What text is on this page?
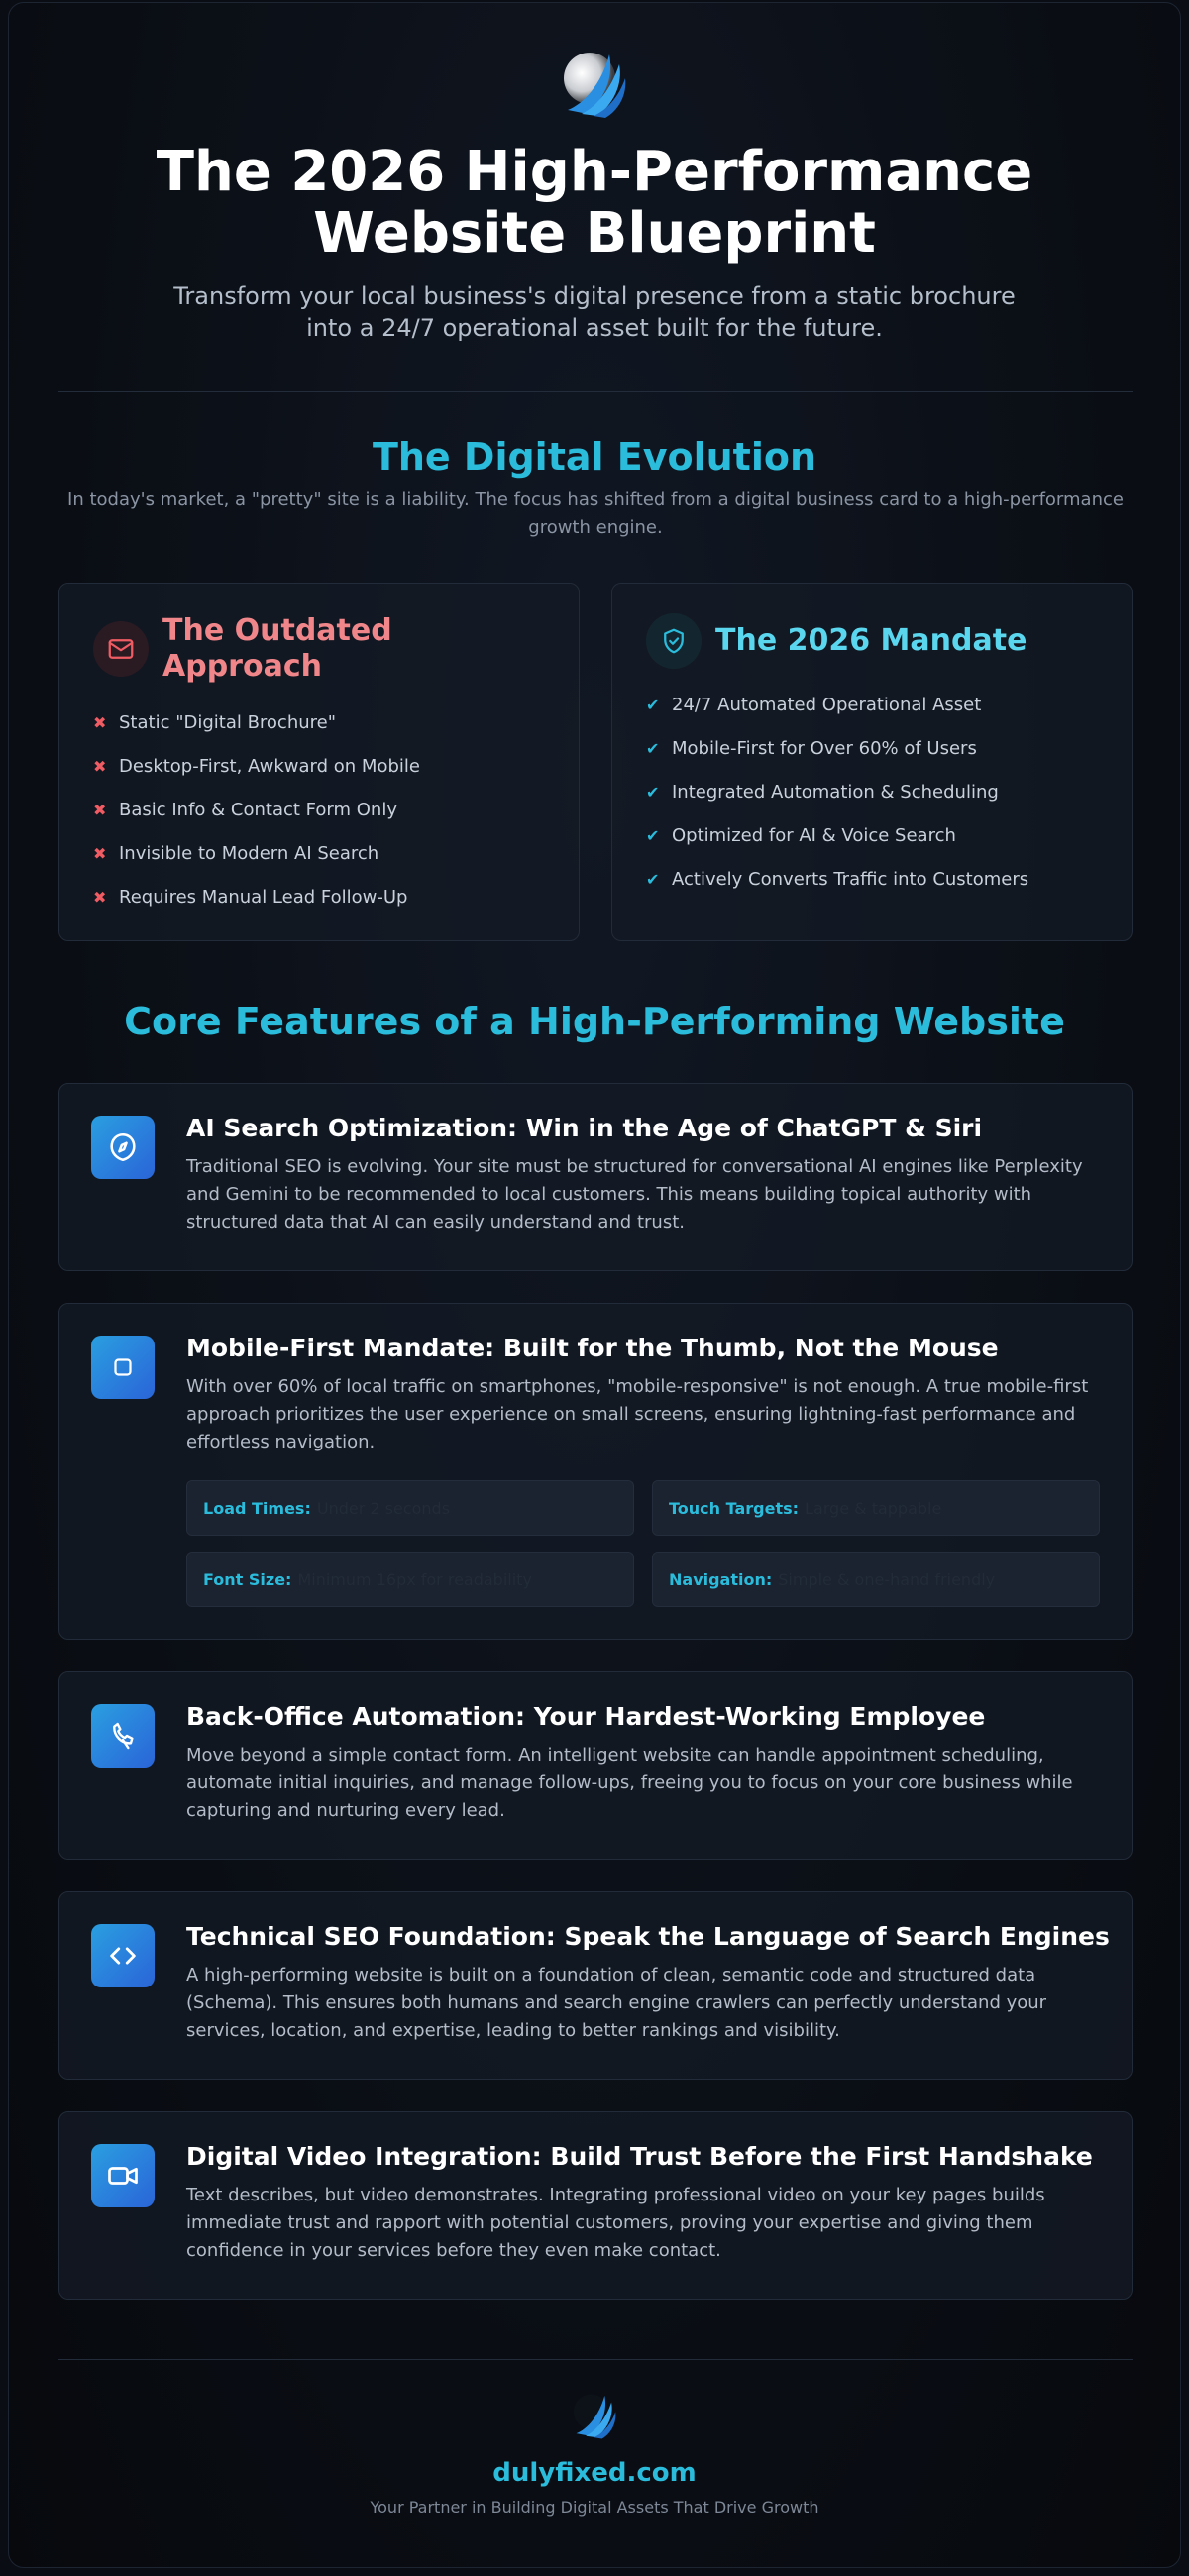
The 2026 High-Performance Website Blueprint
Transform your local business's digital presence from a static brochure into a 24/7 operational asset built for the future.
The Digital Evolution
In today's market, a "pretty" site is a liability. The focus has shifted from a digital business card to a high-performance growth engine.
The Outdated Approach
✖ Static "Digital Brochure"
✖ Desktop-First, Awkward on Mobile
✖ Basic Info & Contact Form Only
✖ Invisible to Modern AI Search
✖ Requires Manual Lead Follow-Up
The 2026 Mandate
✔ 24/7 Automated Operational Asset
✔ Mobile-First for Over 60% of Users
✔ Integrated Automation & Scheduling
✔ Optimized for AI & Voice Search
✔ Actively Converts Traffic into Customers
Core Features of a High-Performing Website
AI Search Optimization: Win in the Age of ChatGPT & Siri
Traditional SEO is evolving. Your site must be structured for conversational AI engines like Perplexity and Gemini to be recommended to local customers. This means building topical authority with structured data that AI can easily understand and trust.
Mobile-First Mandate: Built for the Thumb, Not the Mouse
With over 60% of local traffic on smartphones, "mobile-responsive" is not enough. A true mobile-first approach prioritizes the user experience on small screens, ensuring lightning-fast performance and effortless navigation.
Load Times: Under 2 seconds	Touch Targets: Large & tappable
Font Size: Minimum 16px for readability	Navigation: Simple & one-hand friendly
Back-Office Automation: Your Hardest-Working Employee
Move beyond a simple contact form. An intelligent website can handle appointment scheduling, automate initial inquiries, and manage follow-ups, freeing you to focus on your core business while capturing and nurturing every lead.
Technical SEO Foundation: Speak the Language of Search Engines
A high-performing website is built on a foundation of clean, semantic code and structured data (Schema). This ensures both humans and search engine crawlers can perfectly understand your services, location, and expertise, leading to better rankings and visibility.
Digital Video Integration: Build Trust Before the First Handshake
Text describes, but video demonstrates. Integrating professional video on your key pages builds immediate trust and rapport with potential customers, proving your expertise and giving them confidence in your services before they even make contact.
dulyfixed.com
Your Partner in Building Digital Assets That Drive Growth
